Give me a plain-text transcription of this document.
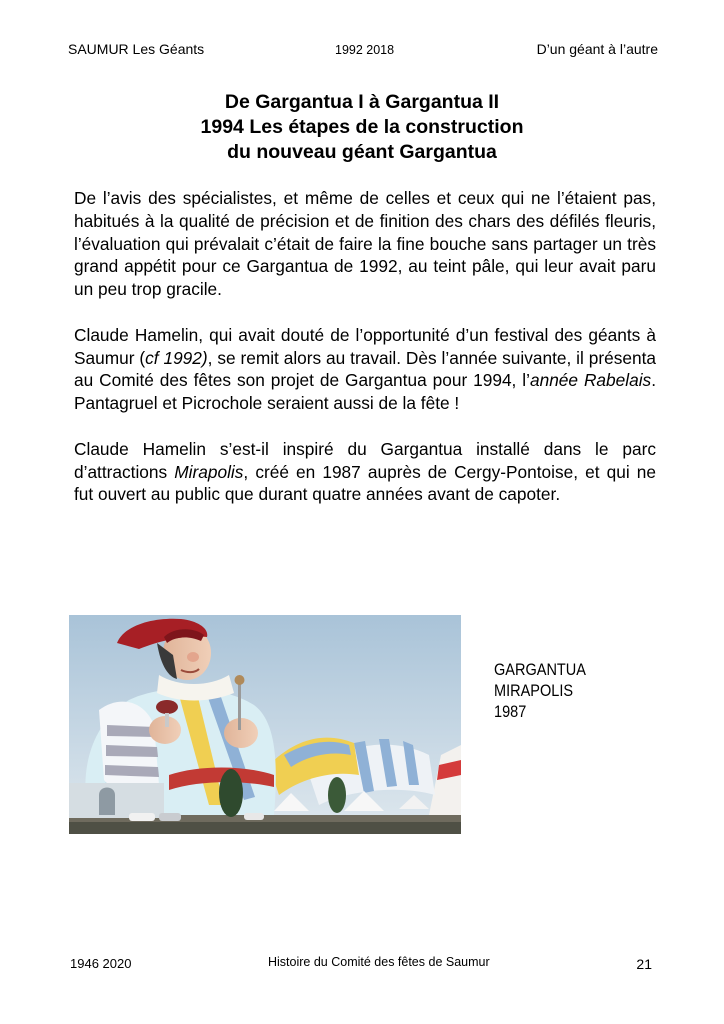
SAUMUR Les Géants	1992 2018	D’un géant à l’autre
De Gargantua I à Gargantua II
1994 Les étapes de la construction
du nouveau géant Gargantua

De l’avis des spécialistes, et même de celles et ceux qui ne l’étaient pas, habitués à la qualité de précision et de finition des chars des défilés fleuris, l’évaluation qui prévalait c’était de faire la fine bouche sans partager un très grand appétit pour ce Gargantua de 1992, au teint pâle, qui leur avait paru un peu trop gracile.

Claude Hamelin, qui avait douté de l’opportunité d’un festival des géants à Saumur (cf 1992), se remit alors au travail. Dès l’année suivante, il présenta au Comité des fêtes son projet de Gargantua pour 1994, l’année Rabelais. Pantagruel et Picrochole seraient aussi de la fête !

Claude Hamelin s’est-il inspiré du Gargantua installé dans le parc d’attractions Mirapolis, créé en 1987 auprès de Cergy-Pontoise, et qui ne fut ouvert au public que durant quatre années avant de capoter.

GARGANTUA
MIRAPOLIS
1987
1946 2020	Histoire du Comité des fêtes de Saumur	21
